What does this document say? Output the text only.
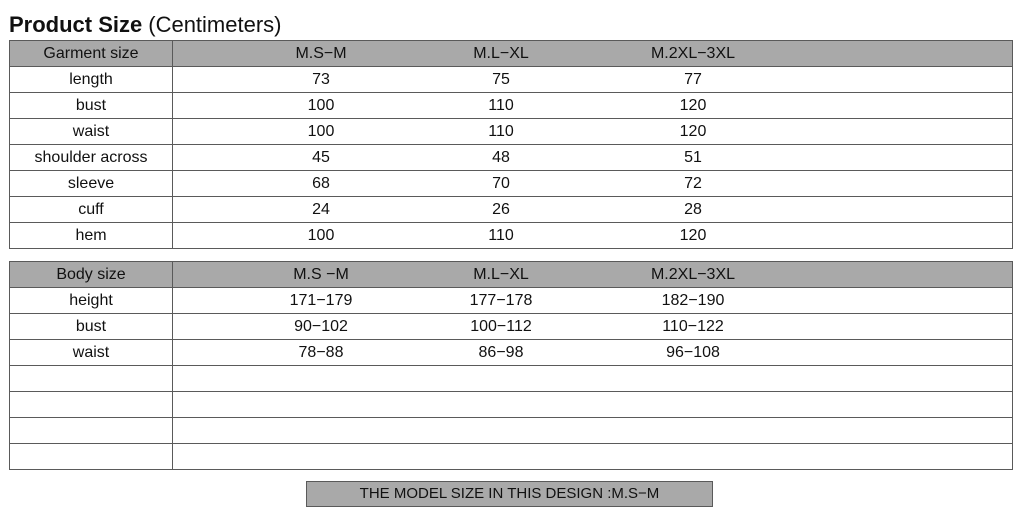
Product Size (Centimeters)
Garment size	M.S−M M.L−XL M.2XL−3XL

length	73 75 77

bust	100 110 120

waist	100 110 120

shoulder across	45 48 51

sleeve	68 70 72

cuff	24 26 28

hem	100 110 120
Body size	M.S −M M.L−XL M.2XL−3XL

height	171−179 177−178 182−190

bust	90−102 100−112 110−122

waist	78−88 86−98 96−108

THE MODEL SIZE IN THIS DESIGN :M.S−M
